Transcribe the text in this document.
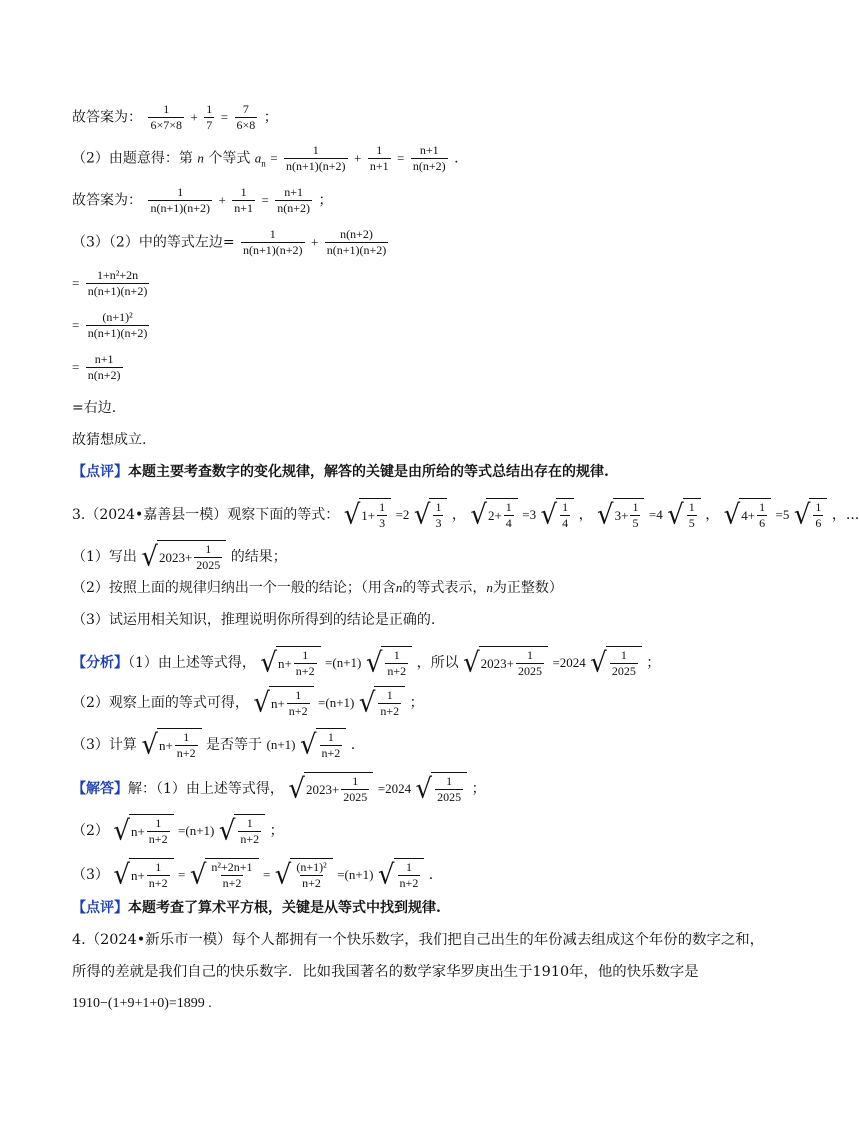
故答案为： $\frac{1}{6\times 7\times 8} + \frac{1}{7} = \frac{7}{6\times 8}$ ；
（2）由题意得：第 n 个等式 $a_n = \frac{1}{n(n+1)(n+2)} + \frac{1}{n+1} = \frac{n+1}{n(n+2)}$ .
故答案为： $\frac{1}{n(n+1)(n+2)} + \frac{1}{n+1} = \frac{n+1}{n(n+2)}$ ；
（3）（2）中的等式左边= $\frac{1}{n(n+1)(n+2)} + \frac{n(n+2)}{n(n+1)(n+2)}$
= $\frac{\text{1+n²+2n}}{n(n+1)(n+2)}$
= $\frac{\text{(n+1)²}}{n(n+1)(n+2)}$
= $\frac{n+1}{n(n+2)}$
=右边.
故猜想成立.
【点评】本题主要考查数字的变化规律，解答的关键是由所给的等式总结出存在的规律.
3.（2024•嘉善县一模）观察下面的等式： √ $1+ \frac{1}{3} =2$ √ $\frac{1}{3}$ ， √ $2+ \frac{1}{4} =3$ √ $\frac{1}{4}$ ， √ $3+ \frac{1}{5} =4$ √ $\frac{1}{5}$ ， √ $4+ \frac{1}{6} =5$ √ $\frac{1}{6}$ ，...
（1）写出 √ $2023+ \frac{1}{2025}$ 的结果；
（2）按照上面的规律归纳出一个一般的结论；（用含n的等式表示，n为正整数）
（3）试运用相关知识，推理说明你所得到的结论是正确的.
【分析】（1）由上述等式得， √ $n+ \frac{1}{n+2} =(n+1)$ √ $\frac{1}{n+2}$ ，所以 √ $2023+ \frac{1}{2025} =2024$ √ $\frac{1}{2025}$ ；
（2）观察上面的等式可得， √ $n+ \frac{1}{n+2} =(n+1)$ √ $\frac{1}{n+2}$ ；
（3）计算 √ $n+ \frac{1}{n+2}$ 是否等于 (n+1) √ $\frac{1}{n+2}$ .
【解答】解：（1）由上述等式得， √ $2023+ \frac{1}{2025} =2024$ √ $\frac{1}{2025}$ ；
（2） √ $n+ \frac{1}{n+2} =(n+1)$ √ $\frac{1}{n+2}$ ；
（3） √ $n+ \frac{1}{n+2}$ = √ $\frac{\text{n²+2n+1}}{n+2}$ = √ $\frac{\text{(n+1)²}}{n+2} =(n+1)$ √ $\frac{1}{n+2}$ .
【点评】本题考查了算术平方根，关键是从等式中找到规律.
4.（2024•新乐市一模）每个人都拥有一个快乐数字，我们把自己出生的年份减去组成这个年份的数字之和，
所得的差就是我们自己的快乐数字．比如我国著名的数学家华罗庚出生于1910年，他的快乐数字是
1910−(1+9+1+0)=1899 .
